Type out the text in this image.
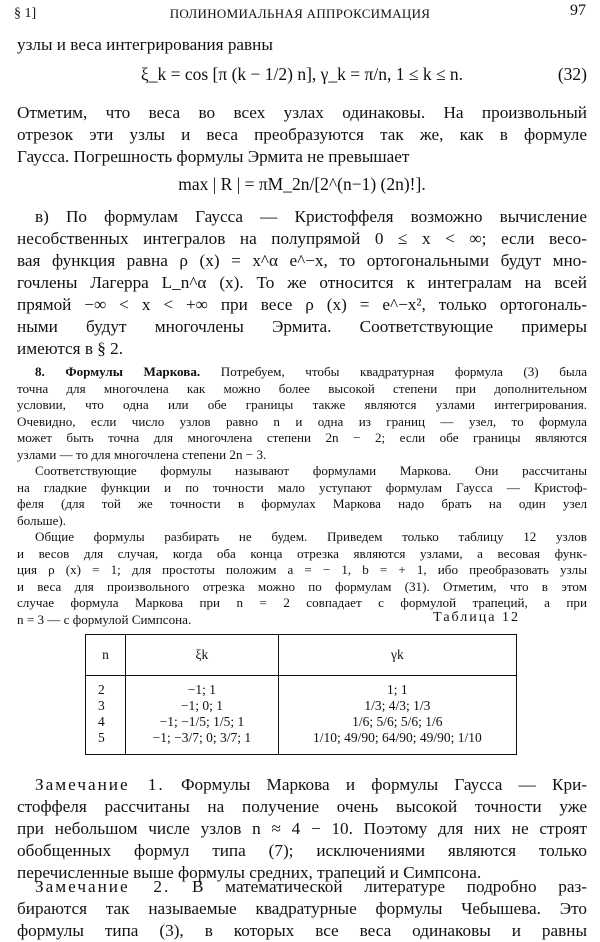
§ 1]	ПОЛИНОМИАЛЬНАЯ АППРОКСИМАЦИЯ	97
узлы и веса интегрирования равны
ξ_k = cos [π (k − 1/2) n], γ_k = π/n, 1 ≤ k ≤ n.	(32)
Отметим, что веса во всех узлах одинаковы. На произвольный
отрезок эти узлы и веса преобразуются так же, как в формуле
Гаусса. Погрешность формулы Эрмита не превышает
max | R | = πM_2n/[2^(n−1) (2n)!].
в) По формулам Гаусса — Кристоффеля возможно вычисление
несобственных интегралов на полупрямой 0 ≤ x < ∞; если весо-
вая функция равна ρ (x) = x^α e^−x, то ортогональными будут мно-
гочлены Лагерра L_n^α (x). То же относится к интегралам на всей
прямой −∞ < x < +∞ при весе ρ (x) = e^−x², только ортогональ-
ными будут многочлены Эрмита. Соответствующие примеры
имеются в § 2.
8. Формулы Маркова. Потребуем, чтобы квадратурная формула (3) была
точна для многочлена как можно более высокой степени при дополнительном
условии, что одна или обе границы также являются узлами интегрирования.
Очевидно, если число узлов равно n и одна из границ — узел, то формула
может быть точна для многочлена степени 2n − 2; если обе границы являются
узлами — то для многочлена степени 2n − 3.
Соответствующие формулы называют формулами Маркова. Они рассчитаны
на гладкие функции и по точности мало уступают формулам Гаусса — Кристоф-
феля (для той же точности в формулах Маркова надо брать на один узел
больше).
Общие формулы разбирать не будем. Приведем только таблицу 12 узлов
и весов для случая, когда оба конца отрезка являются узлами, а весовая функ-
ция ρ (x) = 1; для простоты положим a = − 1, b = + 1, ибо преобразовать узлы
и веса для произвольного отрезка можно по формулам (31). Отметим, что в этом
случае формула Маркова при n = 2 совпадает с формулой трапеций, а при
n = 3 — с формулой Симпсона.	Таблица 12
n	ξk	γk

2	−1; 1	1; 1
3	−1; 0; 1	1/3; 4/3; 1/3
4	−1; −1/5; 1/5; 1	1/6; 5/6; 5/6; 1/6
5	−1; −3/7; 0; 3/7; 1	1/10; 49/90; 64/90; 49/90; 1/10

Замечание 1. Формулы Маркова и формулы Гаусса — Кри-
стоффеля рассчитаны на получение очень высокой точности уже
при небольшом числе узлов n ≈ 4 − 10. Поэтому для них не строят
обобщенных формул типа (7); исключениями являются только
перечисленные выше формулы средних, трапеций и Симпсона.
Замечание 2. В математической литературе подробно раз-
бираются так называемые квадратурные формулы Чебышева. Это
формулы типа (3), в которых все веса одинаковы и равны
